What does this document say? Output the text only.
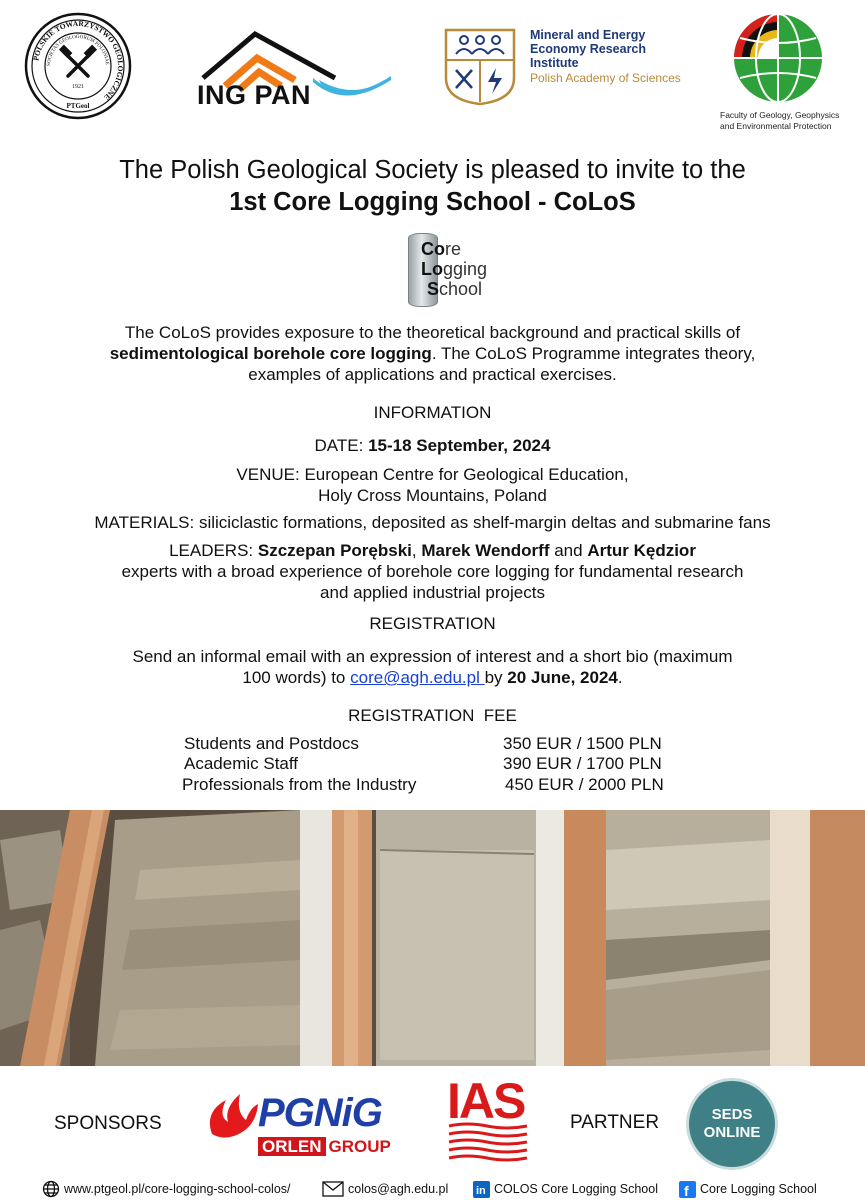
POLSKIE TOWARZYSTWO GEOLOGICZNE
SOCIETAS GEOLOGORUM POLONIAE
1921
PTGeol	ING PAN
Mineral and Energy
Economy Research
Institute
Polish Academy of Sciences
Faculty of Geology, Geophysics
and Environmental Protection
The Polish Geological Society is pleased to invite to the
1st Core Logging School - CoLoS
Core
Logging
School
The CoLoS provides exposure to the theoretical background and practical skills of
sedimentological borehole core logging. The CoLoS Programme integrates theory,
examples of applications and practical exercises.
INFORMATION
DATE: 15-18 September, 2024
VENUE: European Centre for Geological Education,
Holy Cross Mountains, Poland
MATERIALS: siliciclastic formations, deposited as shelf-margin deltas and submarine fans
LEADERS: Szczepan Porębski, Marek Wendorff and Artur Kędzior
experts with a broad experience of borehole core logging for fundamental research
and applied industrial projects
REGISTRATION
Send an informal email with an expression of interest and a short bio (maximum
100 words) to core@agh.edu.pl by 20 June, 2024.
REGISTRATION  FEE
Students and Postdocs	350 EUR / 1500 PLN
Academic Staff	390 EUR / 1700 PLN
Professionals from the Industry	450 EUR / 2000 PLN
SPONSORS PGNiG
ORLEN GROUP
IAS PARTNER	SEDS
ONLINE
www.ptgeol.pl/core-logging-school-colos/	colos@agh.edu.pl in COLOS Core Logging School f Core Logging School
